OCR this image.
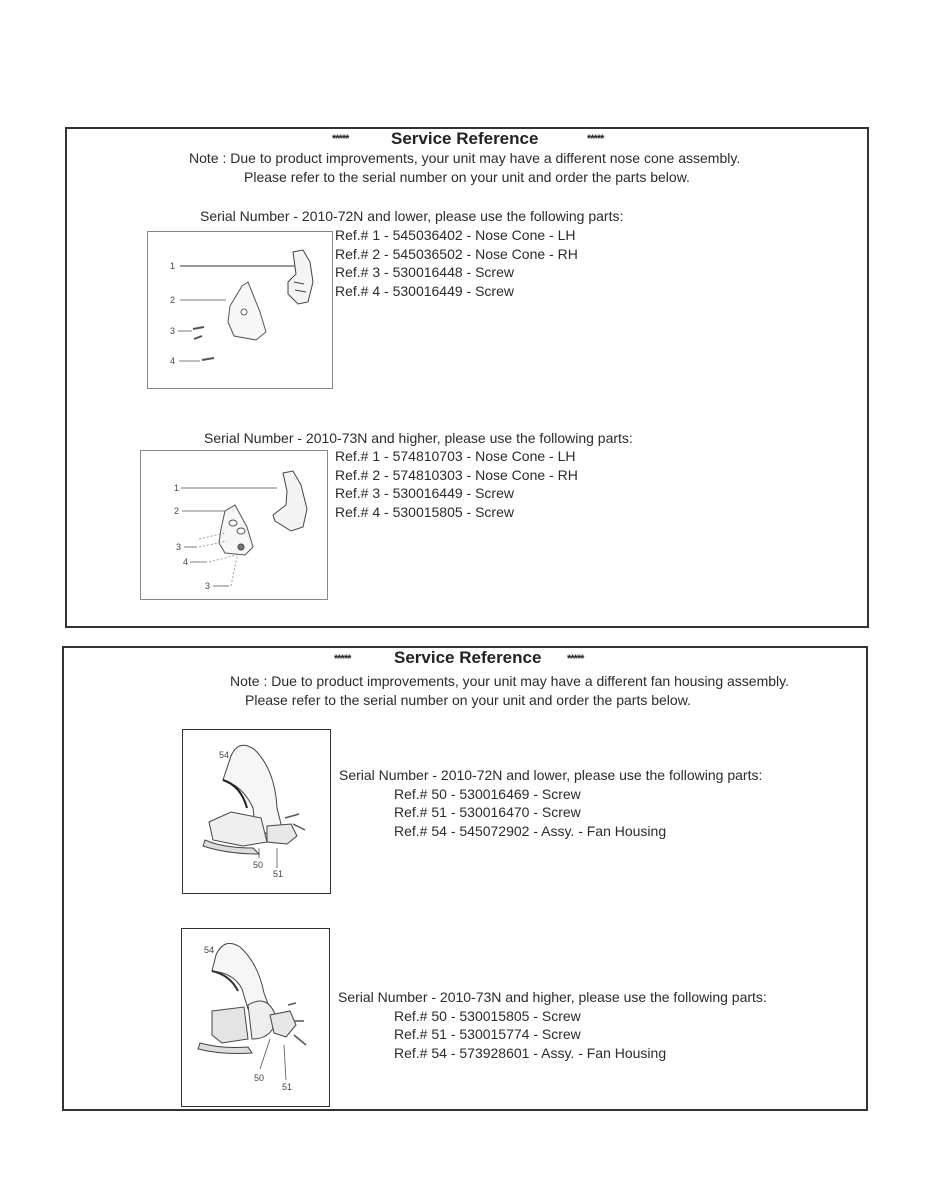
*****	Service Reference	*****
Note : Due to product improvements, your unit may have a different nose cone assembly.
Please refer to the serial number on your unit and order the parts below.
Serial Number - 2010-72N and lower, please use the following parts:
1
2
3
4
Ref.# 1 - 545036402 - Nose Cone - LH
Ref.# 2 - 545036502 - Nose Cone - RH
Ref.# 3 - 530016448 - Screw
Ref.# 4 - 530016449 - Screw
Serial Number - 2010-73N and higher, please use the following parts:
1
2
3
4
3
Ref.# 1 - 574810703 - Nose Cone - LH
Ref.# 2 - 574810303 - Nose Cone - RH
Ref.# 3 - 530016449 - Screw
Ref.# 4 - 530015805 - Screw
*****	Service Reference *****
Note : Due to product improvements, your unit may have a different fan housing assembly.
Please refer to the serial number on your unit and order the parts below.
54
50
51
Serial Number - 2010-72N and lower, please use the following parts:
Ref.# 50 - 530016469 - Screw
Ref.# 51 - 530016470 - Screw
Ref.# 54 - 545072902 - Assy. - Fan Housing
54
50
51
Serial Number - 2010-73N and higher, please use the following parts:
Ref.# 50 - 530015805 - Screw
Ref.# 51 - 530015774 - Screw
Ref.# 54 - 573928601 - Assy. - Fan Housing
